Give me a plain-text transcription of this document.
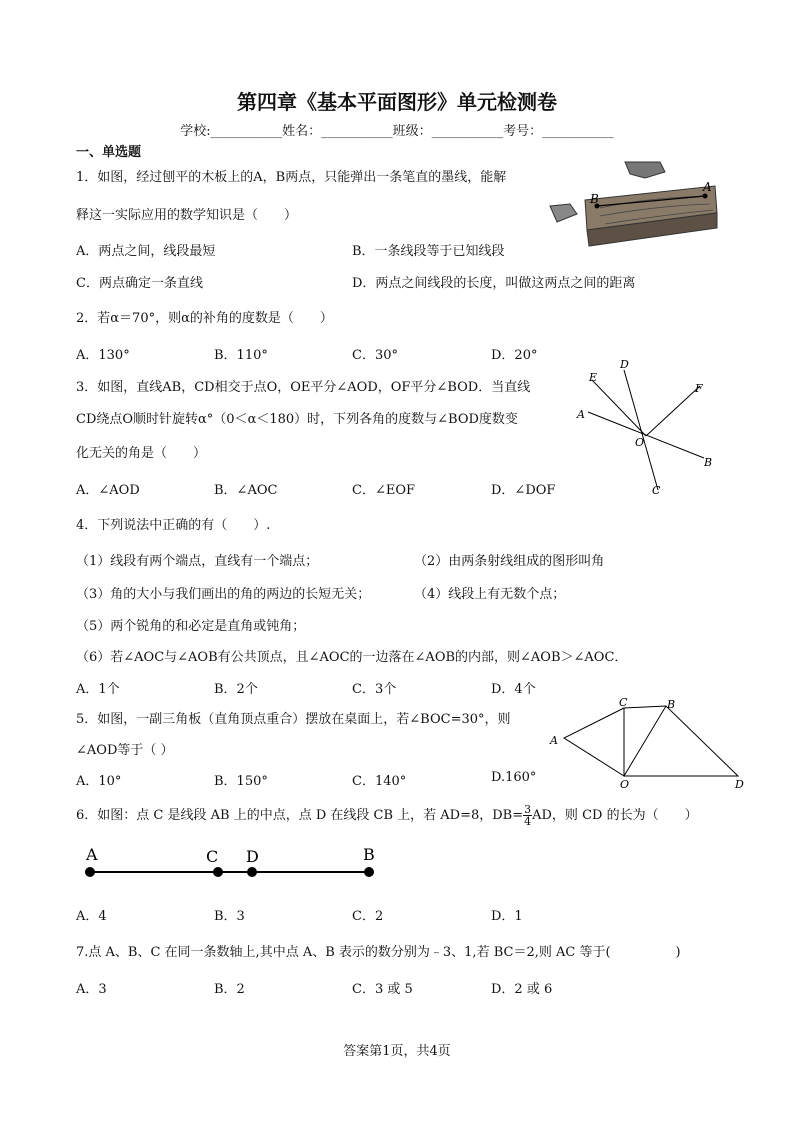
第四章《基本平面图形》单元检测卷
学校:___________姓名：___________班级：___________考号：___________
一、单选题
1．如图，经过刨平的木板上的A，B两点，只能弹出一条笔直的墨线，能解
释这一实际应用的数学知识是（　　）
B
A
A．两点之间，线段最短	B．一条线段等于已知线段
C．两点确定一条直线	D．两点之间线段的长度，叫做这两点之间的距离
2．若α＝70°，则α的补角的度数是（　　）
A．130°	B．110°	C．30°	D．20°
3．如图，直线AB，CD相交于点O，OE平分∠AOD，OF平分∠BOD．当直线
CD绕点O顺时针旋转α°（0＜α＜180）时，下列各角的度数与∠BOD度数变
化无关的角是（　　）
D
E
F
A
O
B
C
A．∠AOD	B．∠AOC	C．∠EOF	D．∠DOF
4．下列说法中正确的有（　　）.
（1）线段有两个端点，直线有一个端点；	（2）由两条射线组成的图形叫角
（3）角的大小与我们画出的角的两边的长短无关；	（4）线段上有无数个点；
（5）两个锐角的和必定是直角或钝角；
（6）若∠AOC与∠AOB有公共顶点，且∠AOC的一边落在∠AOB的内部，则∠AOB＞∠AOC．
A．1个	B．2个	C．3个	D．4个
5．如图，一副三角板（直角顶点重合）摆放在桌面上，若∠BOC=30°，则
∠AOD等于（ ）
C	B
A
O	D
A．10°	B．150°	C．140°	D.160°
6．如图：点 C 是线段 AB 上的中点，点 D 在线段 CB 上，若 AD=8，$DB= \frac{3}{4}$ AD，则 CD 的长为（　　）
A	C D	B
A．4	B．3	C．2	D．1
7.点 A、B、C 在同一条数轴上,其中点 A、B 表示的数分别为﹣3、1,若 BC＝2,则 AC 等于(　　　　　)
A．3	B．2	C．3 或 5	D．2 或 6
答案第1页，共4页
